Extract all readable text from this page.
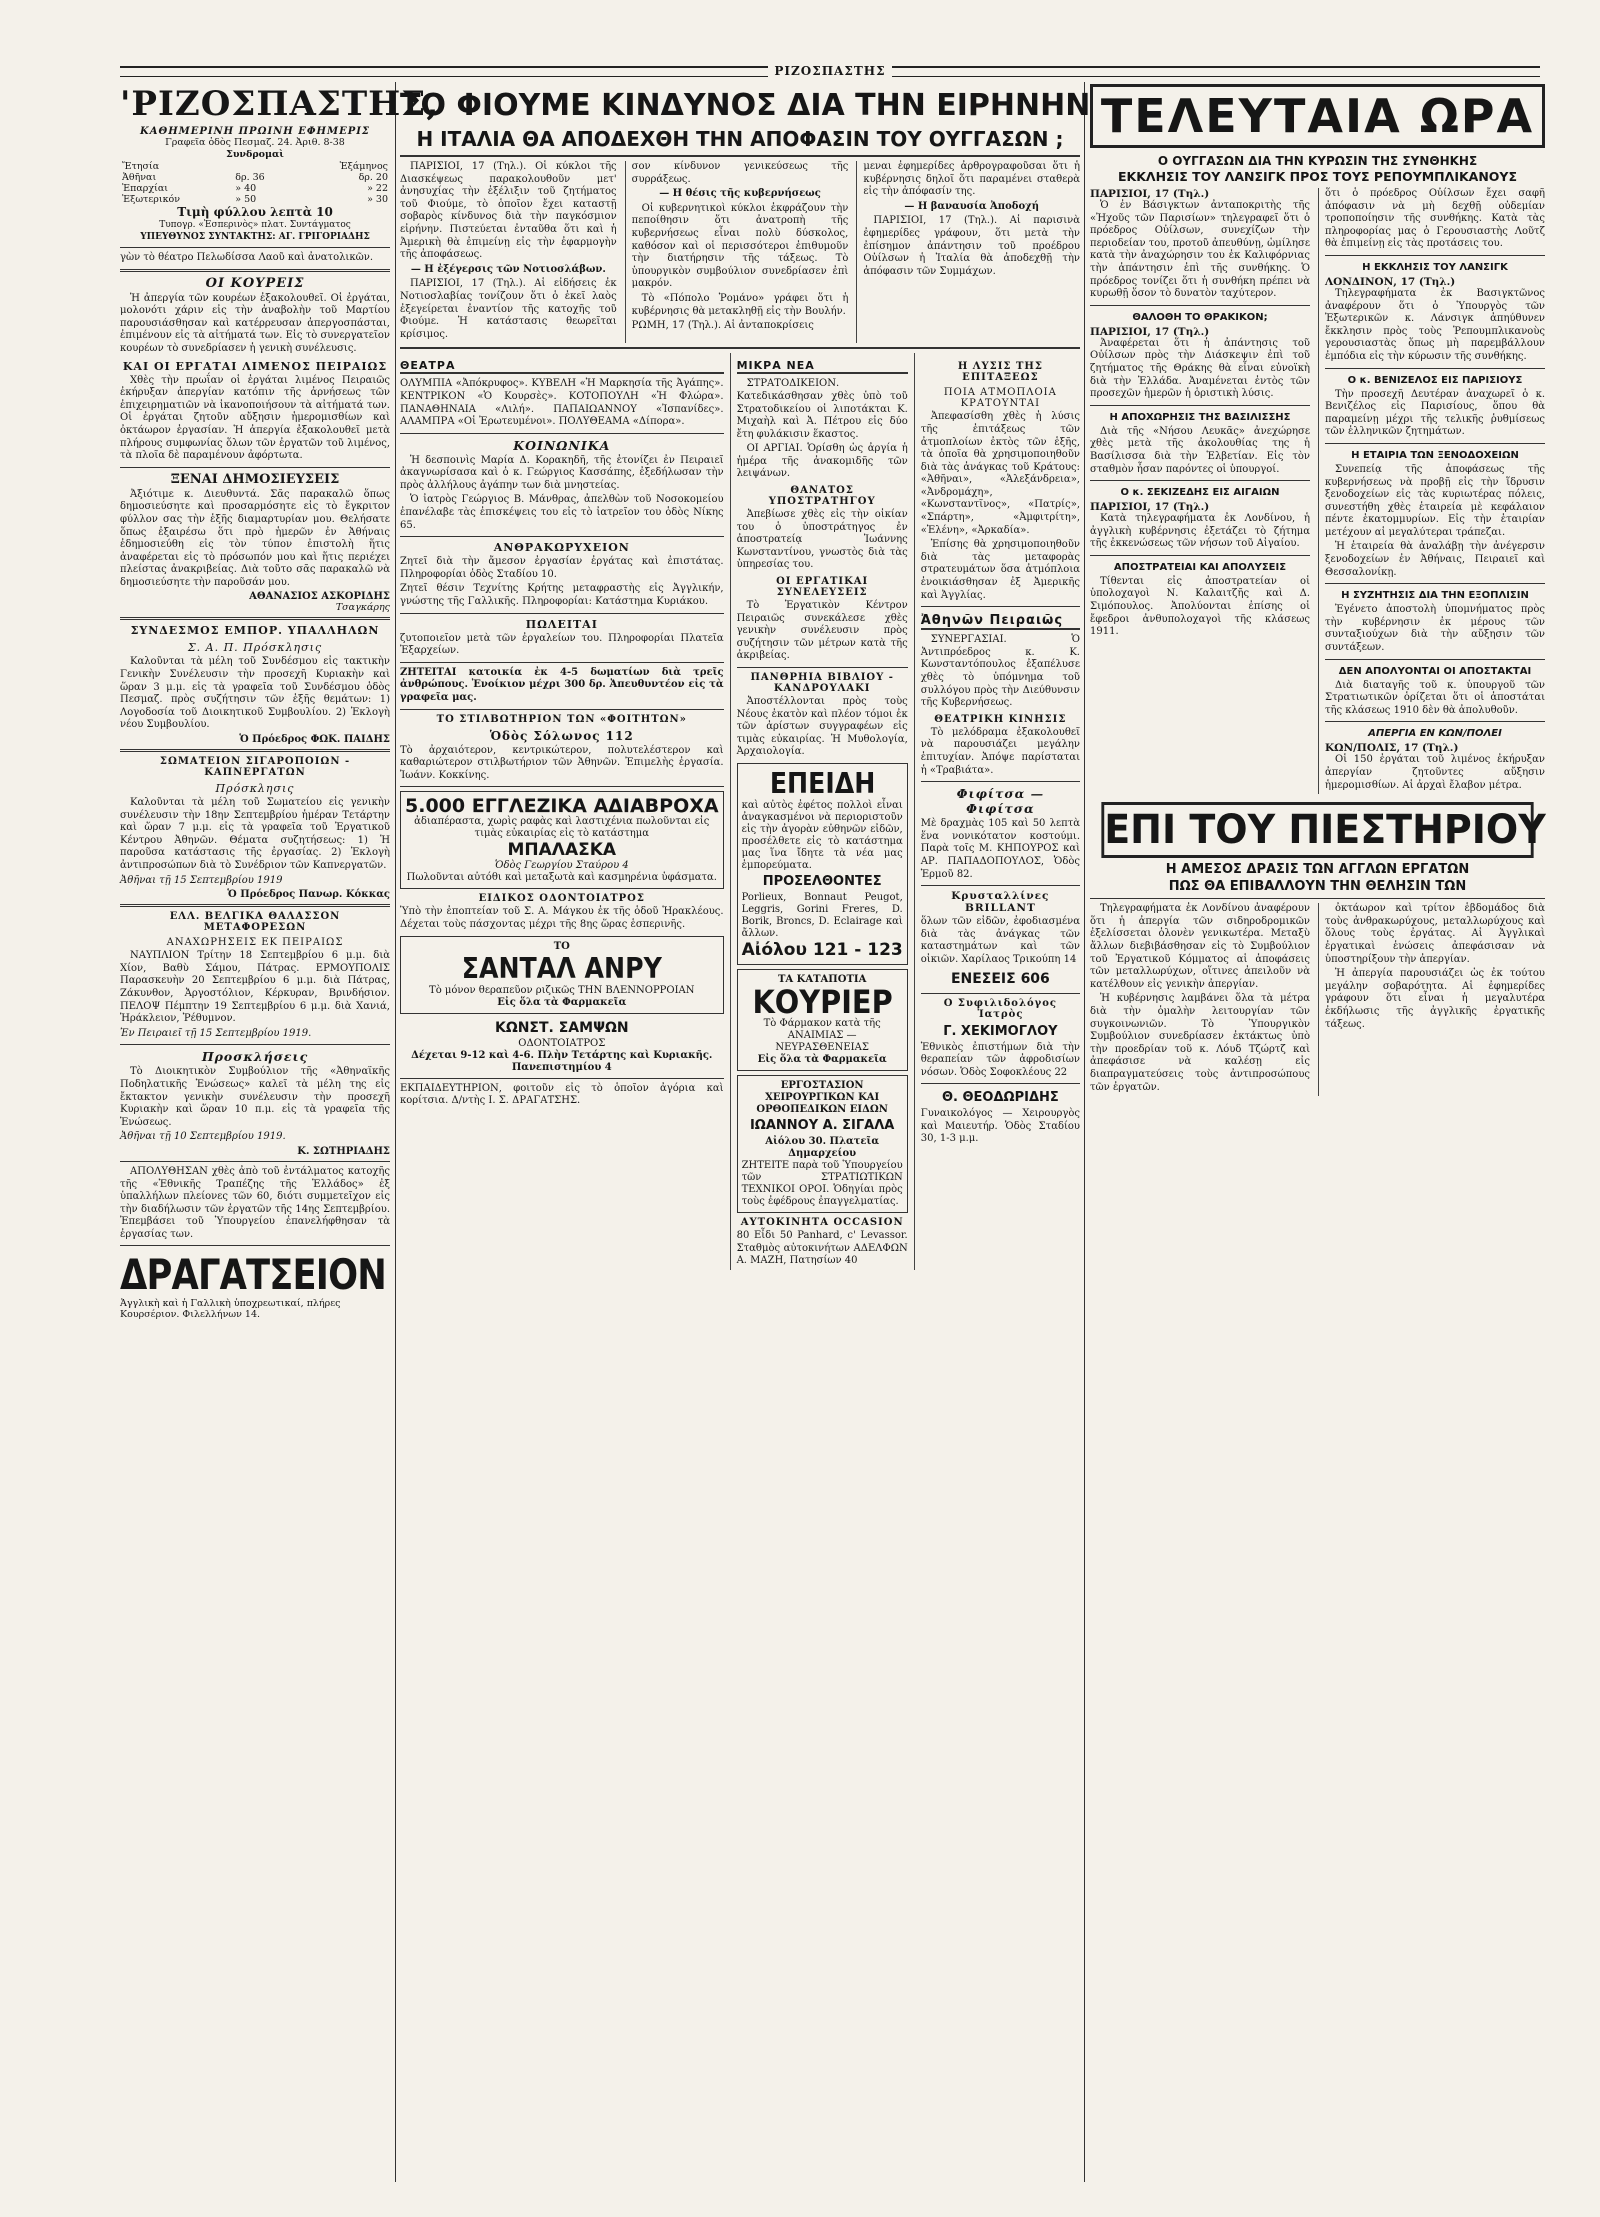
ΡΙΖΟΣΠΑΣΤΗΣ
'ΡΙΖΟΣΠΑΣΤΗΣ,
ΚΑΘΗΜΕΡΙΝΗ ΠΡΩΙΝΗ ΕΦΗΜΕΡΙΣ
Γραφεῖα ὁδὸς Πεσμαζ. 24. Ἀριθ. 8-38
Συνδρομαὶ
Ἔτησία		Ἑξάμηνος
Ἀθῆναι	δρ. 36	δρ. 20
Ἐπαρχίαι	» 40	» 22
Ἐξωτερικόν	» 50	» 30
Τιμὴ φύλλου λεπτὰ 10
Τυπογρ. «Ἑσπερινὸς» πλατ. Συντάγματος
ΥΠΕΥΘΥΝΟΣ ΣΥΝΤΑΚΤΗΣ: ΑΓ. ΓΡΙΓΟΡΙΑΔΗΣ
γὼν τὸ θέατρο Πελωδίσσα Λαοῦ καὶ ἀνατολικῶν.
ΟΙ ΚΟΥΡΕΙΣ
Ἡ ἀπεργία τῶν κουρέων ἐξακολουθεῖ. Οἱ ἐργάται, μολονότι χάριν εἰς τὴν ἀναβολὴν τοῦ Μαρτίου παρουσιάσθησαν καὶ κατέρρευσαν ἀπεργοσπάσται, ἐπιμένουν εἰς τὰ αἰτήματά των. Εἰς τὸ συνεργατεῖον κουρέων τὸ συνεδρίασεν ἡ γενικὴ συνέλευσις.
ΚΑΙ ΟΙ ΕΡΓΑΤΑΙ ΛΙΜΕΝΟΣ ΠΕΙΡΑΙΩΣ
Χθὲς τὴν πρωΐαν οἱ ἐργάται λιμένος Πειραιῶς ἐκήρυξαν ἀπεργίαν κατόπιν τῆς ἀρνήσεως τῶν ἐπιχειρηματιῶν νὰ ἱκανοποιήσουν τὰ αἰτήματά των. Οἱ ἐργάται ζητοῦν αὔξησιν ἡμερομισθίων καὶ ὀκτάωρον ἐργασίαν. Ἡ ἀπεργία ἐξακολουθεῖ μετὰ πλήρους συμφωνίας ὅλων τῶν ἐργατῶν τοῦ λιμένος, τὰ πλοῖα δὲ παραμένουν ἀφόρτωτα.
ΞΕΝΑΙ ΔΗΜΟΣΙΕΥΣΕΙΣ
Ἀξιότιμε κ. Διευθυντά. Σᾶς παρακαλῶ ὅπως δημοσιεύσητε καὶ προσαρμόσητε εἰς τὸ ἔγκριτον φύλλον σας τὴν ἑξῆς διαμαρτυρίαν μου. Θελήσατε ὅπως ἐξαιρέσω ὅτι πρὸ ἡμερῶν ἐν Ἀθήναις ἐδημοσιεύθη εἰς τὸν τύπον ἐπιστολὴ ἥτις ἀναφέρεται εἰς τὸ πρόσωπόν μου καὶ ἥτις περιέχει πλείστας ἀνακριβείας. Διὰ τοῦτο σᾶς παρακαλῶ νὰ δημοσιεύσητε τὴν παροῦσάν μου.
ΑΘΑΝΑΣΙΟΣ ΑΣΚΟΡΙΔΗΣ
Τσαγκάρης
ΣΥΝΔΕΣΜΟΣ ΕΜΠΟΡ. ΥΠΑΛΛΗΛΩΝ
Σ. Α. Π. Πρόσκλησις
Καλοῦνται τὰ μέλη τοῦ Συνδέσμου εἰς τακτικὴν Γενικὴν Συνέλευσιν τὴν προσεχῆ Κυριακὴν καὶ ὥραν 3 μ.μ. εἰς τὰ γραφεῖα τοῦ Συνδέσμου ὁδὸς Πεσμαζ. πρὸς συζήτησιν τῶν ἑξῆς θεμάτων: 1) Λογοδοσία τοῦ Διοικητικοῦ Συμβουλίου. 2) Ἐκλογὴ νέου Συμβουλίου.
Ὁ Πρόεδρος ΦΩΚ. ΠΑΙΔΗΣ
ΣΩΜΑΤΕΙΟΝ ΣΙΓΑΡΟΠΟΙΩΝ - ΚΑΠΝΕΡΓΑΤΩΝ
Πρόσκλησις
Καλοῦνται τὰ μέλη τοῦ Σωματείου εἰς γενικὴν συνέλευσιν τὴν 18ην Σεπτεμβρίου ἡμέραν Τετάρτην καὶ ὥραν 7 μ.μ. εἰς τὰ γραφεῖα τοῦ Ἐργατικοῦ Κέντρου Ἀθηνῶν. Θέματα συζητήσεως: 1) Ἡ παροῦσα κατάστασις τῆς ἐργασίας. 2) Ἐκλογὴ ἀντιπροσώπων διὰ τὸ Συνέδριον τῶν Καπνεργατῶν.
Ἀθῆναι τῇ 15 Σεπτεμβρίου 1919
Ὁ Πρόεδρος Πανωρ. Κόκκας
ΕΛΛ. ΒΕΛΓΙΚΑ ΘΑΛΑΣΣΟΝ ΜΕΤΑΦΟΡΕΣΩΝ
ΑΝΑΧΩΡΗΣΕΙΣ ΕΚ ΠΕΙΡΑΙΩΣ
ΝΑΥΠΛΙΟΝ Τρίτην 18 Σεπτεμβρίου 6 μ.μ. διὰ Χίον, Βαθὺ Σάμου, Πάτρας. ΕΡΜΟΥΠΟΛΙΣ Παρασκευὴν 20 Σεπτεμβρίου 6 μ.μ. διὰ Πάτρας, Ζάκυνθον, Ἀργοστόλιον, Κέρκυραν, Βρινδήσιον. ΠΕΛΟΨ Πέμπτην 19 Σεπτεμβρίου 6 μ.μ. διὰ Χανιά, Ἡράκλειον, Ῥέθυμνον.
Ἐν Πειραιεῖ τῇ 15 Σεπτεμβρίου 1919.
Προσκλήσεις
Τὸ Διοικητικὸν Συμβούλιον τῆς «Ἀθηναϊκῆς Ποδηλατικῆς Ἑνώσεως» καλεῖ τὰ μέλη της εἰς ἔκτακτον γενικὴν συνέλευσιν τὴν προσεχῆ Κυριακὴν καὶ ὥραν 10 π.μ. εἰς τὰ γραφεῖα τῆς Ἑνώσεως.
Ἀθῆναι τῇ 10 Σεπτεμβρίου 1919.
Κ. ΣΩΤΗΡΙΑΔΗΣ
ΑΠΟΛΥΘΗΣΑΝ χθὲς ἀπὸ τοῦ ἐντάλματος κατοχῆς τῆς «Ἐθνικῆς Τραπέζης τῆς Ἑλλάδος» ἐξ ὑπαλλήλων πλείονες τῶν 60, διότι συμμετεῖχον εἰς τὴν διαδήλωσιν τῶν ἐργατῶν τῆς 14ης Σεπτεμβρίου. Ἐπεμβάσει τοῦ Ὑπουργείου ἐπανελήφθησαν τὰ ἐργασίας των.
ΔΡΑΓΑΤΣΕΙΟΝ
Ἀγγλικὴ καὶ ἡ Γαλλικὴ ὑποχρεωτικαί, πλήρες Κουρσέριον. Φιλελλήνων 14.
ΤΟ ΦΙΟΥΜΕ ΚΙΝΔΥΝΟΣ ΔΙΑ ΤΗΝ ΕΙΡΗΝΗΝ
Η ΙΤΑΛΙΑ ΘΑ ΑΠΟΔΕΧΘΗ ΤΗΝ ΑΠΟΦΑΣΙΝ ΤΟΥ ΟΥΓΓΑΣΩΝ ;
ΠΑΡΙΣΙΟΙ, 17 (Τηλ.). Οἱ κύκλοι τῆς Διασκέψεως παρακολουθοῦν μετ' ἀνησυχίας τὴν ἐξέλιξιν τοῦ ζητήματος τοῦ Φιούμε, τὸ ὁποῖον ἔχει καταστῇ σοβαρὸς κίνδυνος διὰ τὴν παγκόσμιον εἰρήνην. Πιστεύεται ἐνταῦθα ὅτι καὶ ἡ Ἀμερικὴ θὰ ἐπιμείνῃ εἰς τὴν ἐφαρμογὴν τῆς ἀποφάσεως.
— Η ἐξέγερσις τῶν Νοτιοσλάβων.
ΠΑΡΙΣΙΟΙ, 17 (Τηλ.). Αἱ εἰδήσεις ἐκ Νοτιοσλαβίας τονίζουν ὅτι ὁ ἐκεῖ λαὸς ἐξεγείρεται ἐναντίον τῆς κατοχῆς τοῦ Φιούμε. Ἡ κατάστασις θεωρεῖται κρίσιμος.
σον κίνδυνον γενικεύσεως τῆς συρράξεως.
— Η θέσις τῆς κυβερνήσεως
Οἱ κυβερνητικοὶ κύκλοι ἐκφράζουν τὴν πεποίθησιν ὅτι ἀνατροπὴ τῆς κυβερνήσεως εἶναι πολὺ δύσκολος, καθόσον καὶ οἱ περισσότεροι ἐπιθυμοῦν τὴν διατήρησιν τῆς τάξεως. Τὸ ὑπουργικὸν συμβούλιον συνεδρίασεν ἐπὶ μακρόν.
Τὸ «Πόπολο Ῥομάνο» γράφει ὅτι ἡ κυβέρνησις θὰ μετακληθῇ εἰς τὴν Βουλήν.
ΡΩΜΗ, 17 (Τηλ.). Αἱ ἀνταποκρίσεις
μεναι ἐφημερίδες ἀρθρογραφοῦσαι ὅτι ἡ κυβέρνησις δηλοῖ ὅτι παραμένει σταθερὰ εἰς τὴν ἀπόφασίν της.
— Η βαναυσία Ἀποδοχή
ΠΑΡΙΣΙΟΙ, 17 (Τηλ.). Αἱ παρισινὰ ἐφημερίδες γράφουν, ὅτι μετὰ τὴν ἐπίσημον ἀπάντησιν τοῦ προέδρου Οὐίλσων ἡ Ἰταλία θὰ ἀποδεχθῇ τὴν ἀπόφασιν τῶν Συμμάχων.
ΘΕΑΤΡΑ
ΟΛΥΜΠΙΑ «Ἀπόκρυφος». ΚΥΒΕΛΗ «Ἡ Μαρκησία τῆς Ἀγάπης». ΚΕΝΤΡΙΚΟΝ «Ὁ Κουρσὲς». ΚΟΤΟΠΟΥΛΗ «Ἡ Φλώρα». ΠΑΝΑΘΗΝΑΙΑ «Λιλή». ΠΑΠΑΙΩΑΝΝΟΥ «Ἰσπανίδες». ΑΛΑΜΠΡΑ «Οἱ Ἐρωτευμένοι». ΠΟΛΥΘΕΑΜΑ «Δίπορα».
ΚΟΙΝΩΝΙΚΑ
Ἡ δεσποινὶς Μαρία Δ. Κορακηδῆ, τῆς ἐτονίζει ἐν Πειραιεῖ ἀκαγνωρίσασα καὶ ὁ κ. Γεώργιος Κασσάπης, ἐξεδήλωσαν τὴν πρὸς ἀλλήλους ἀγάπην των διὰ μνηστείας.
Ὁ ἰατρὸς Γεώργιος Β. Μάνθρας, ἀπελθὼν τοῦ Νοσοκομείου ἐπανέλαβε τὰς ἐπισκέψεις του εἰς τὸ ἰατρεῖον του ὁδὸς Νίκης 65.
ΑΝΘΡΑΚΩΡΥΧΕΙΟΝ
Ζητεῖ διὰ τὴν ἄμεσον ἐργασίαν ἐργάτας καὶ ἐπιστάτας. Πληροφορίαι ὁδὸς Σταδίου 10.
Ζητεῖ θέσιν Τεχνίτης Κρήτης μεταφραστὴς εἰς Ἀγγλικήν, γνώστης τῆς Γαλλικῆς. Πληροφορίαι: Κατάστημα Κυριάκου.
ΠΩΛΕΙΤΑΙ
ζυτοποιεῖον μετὰ τῶν ἐργαλείων του. Πληροφορίαι Πλατεῖα Ἐξαρχείων.
ΖΗΤΕΙΤΑΙ κατοικία ἐκ 4-5 δωματίων διὰ τρεῖς ἀνθρώπους. Ἐνοίκιον μέχρι 300 δρ. Ἀπευθυντέον εἰς τὰ γραφεῖα μας.
ΤΟ ΣΤΙΛΒΩΤΗΡΙΟΝ ΤΩΝ «ΦΟΙΤΗΤΩΝ»
Ὁδὸς Σόλωνος 112
Τὸ ἀρχαιότερον, κεντρικώτερον, πολυτελέστερον καὶ καθαριώτερον στιλβωτήριον τῶν Ἀθηνῶν. Ἐπιμελὴς ἐργασία. Ἰωάνν. Κοκκίνης.
5.000 ΕΓΓΛΕΖΙΚΑ ΑΔΙΑΒΡΟΧΑ
ἀδιαπέραστα, χωρὶς ραφὰς καὶ λαστιχένια πωλοῦνται εἰς τιμὰς εὐκαιρίας εἰς τὸ κατάστημα
ΜΠΑΛΑΣΚΑ
Ὁδὸς Γεωργίου Σταύρου 4
Πωλοῦνται αὐτόθι καὶ μεταξωτὰ καὶ κασμηρένια ὑφάσματα.
ΕΙΔΙΚΟΣ ΟΔΟΝΤΟΙΑΤΡΟΣ
Ὑπὸ τὴν ἐποπτείαν τοῦ Σ. Α. Μάγκου ἐκ τῆς ὁδοῦ Ἡρακλέους. Δέχεται τοὺς πάσχοντας μέχρι τῆς 8ης ὥρας ἑσπερινῆς.
ΤΟ
ΣΑΝΤΑΛ ΑΝΡΥ
Τὸ μόνον θεραπεῦον ριζικῶς ΤΗΝ ΒΛΕΝΝΟΡΡΟΙΑΝ
Εἰς ὅλα τὰ Φαρμακεῖα
ΚΩΝΣΤ. ΣΑΜΨΩΝ
ΟΔΟΝΤΟΙΑΤΡΟΣ
Δέχεται 9-12 καὶ 4-6. Πλὴν Τετάρτης καὶ Κυριακῆς. Πανεπιστημίου 4
ΕΚΠΑΙΔΕΥΤΗΡΙΟΝ, φοιτοῦν εἰς τὸ ὁποῖον ἀγόρια καὶ κορίτσια. Δ/ντὴς Ι. Σ. ΔΡΑΓΑΤΣΗΣ.
ΜΙΚΡΑ ΝΕΑ
ΣΤΡΑΤΟΔΙΚΕΙΟΝ. Κατεδικάσθησαν χθὲς ὑπὸ τοῦ Στρατοδικείου οἱ λιποτάκται Κ. Μιχαὴλ καὶ Ἀ. Πέτρου εἰς δύο ἔτη φυλάκισιν ἕκαστος.
ΟΙ ΑΡΓΙΑΙ. Ὁρίσθη ὡς ἀργία ἡ ἡμέρα τῆς ἀνακομιδῆς τῶν λειψάνων.
ΘΑΝΑΤΟΣ ΥΠΟΣΤΡΑΤΗΓΟΥ
Ἀπεβίωσε χθὲς εἰς τὴν οἰκίαν του ὁ ὑποστράτηγος ἐν ἀποστρατείᾳ Ἰωάννης Κωνσταντίνου, γνωστὸς διὰ τὰς ὑπηρεσίας του.
ΟΙ ΕΡΓΑΤΙΚΑΙ ΣΥΝΕΛΕΥΣΕΙΣ
Τὸ Ἐργατικὸν Κέντρον Πειραιῶς συνεκάλεσε χθὲς γενικὴν συνέλευσιν πρὸς συζήτησιν τῶν μέτρων κατὰ τῆς ἀκριβείας.
ΠΑΝΘΡΗΙΑ ΒΙΒΛΙΟΥ - ΚΑΝΔΡΟΥΛΑΚΙ
Ἀποστέλλονται πρὸς τοὺς Νέους ἐκατὸν καὶ πλέον τόμοι ἐκ τῶν ἀρίστων συγγραφέων εἰς τιμὰς εὐκαιρίας. Ἡ Μυθολογία, Ἀρχαιολογία.
ΕΠΕΙΔΗ
καὶ αὐτὸς ἐφέτος πολλοὶ εἶναι ἀναγκασμένοι νὰ περιοριστοῦν εἰς τὴν ἀγορὰν εὐθηνῶν εἰδῶν, προσέλθετε εἰς τὸ κατάστημα μας ἵνα ἴδητε τὰ νέα μας ἐμπορεύματα.
ΠΡΟΣΕΛΘΟΝΤΕΣ
Porlieux, Bonnaut Peugot, Leggris, Gorini Freres, D. Borik, Broncs, D. Eclairage καὶ ἄλλων.
Αἰόλου 121 - 123
ΤΑ ΚΑΤΑΠΟΤΙΑ
ΚΟΥΡΙΕΡ
Τὸ Φάρμακον κατὰ τῆς ΑΝΑΙΜΙΑΣ — ΝΕΥΡΑΣΘΕΝΕΙΑΣ
Εἰς ὅλα τὰ Φαρμακεῖα
ΕΡΓΟΣΤΑΣΙΟΝ ΧΕΙΡΟΥΡΓΙΚΩΝ ΚΑΙ ΟΡΘΟΠΕΔΙΚΩΝ ΕΙΔΩΝ
ΙΩΑΝΝΟΥ Α. ΣΙΓΑΛΑ
Αἰόλου 30. Πλατεῖα Δημαρχείου
ΖΗΤΕΙΤΕ παρὰ τοῦ Ὑπουργείου τῶν ΣΤΡΑΤΙΩΤΙΚΩΝ ΤΕΧΝΙΚΟΙ ΟΡΟΙ. Ὁδηγίαι πρὸς τοὺς ἐφέδρους ἐπαγγελματίας.
ΑΥΤΟΚΙΝΗΤΑ OCCASION
80 Εἶδι 50 Panhard, c' Levassor. Σταθμὸς αὐτοκινήτων ΑΔΕΛΦΩΝ Α. ΜΑΖΗ, Πατησίων 40
Η ΛΥΣΙΣ ΤΗΣ ΕΠΙΤΑΞΕΩΣ
ΠΟΙΑ ΑΤΜΟΠΛΟΙΑ ΚΡΑΤΟΥΝΤΑΙ
Ἀπεφασίσθη χθὲς ἡ λύσις τῆς ἐπιτάξεως τῶν ἀτμοπλοίων ἐκτὸς τῶν ἑξῆς, τὰ ὁποῖα θὰ χρησιμοποιηθοῦν διὰ τὰς ἀνάγκας τοῦ Κράτους: «Ἀθῆναι», «Ἀλεξάνδρεια», «Ἀνδρομάχη», «Κωνσταντῖνος», «Πατρίς», «Σπάρτη», «Ἀμφιτρίτη», «Ἑλένη», «Ἀρκαδία».
Ἐπίσης θὰ χρησιμοποιηθοῦν διὰ τὰς μεταφορὰς στρατευμάτων ὅσα ἀτμόπλοια ἐνοικιάσθησαν ἐξ Ἀμερικῆς καὶ Ἀγγλίας.
Ἀθηνῶν Πειραιῶς
ΣΥΝΕΡΓΑΣΙΑΙ. Ὁ Ἀντιπρόεδρος κ. Κ. Κωνσταντόπουλος ἐξαπέλυσε χθὲς τὸ ὑπόμνημα τοῦ συλλόγου πρὸς τὴν Διεύθυνσιν τῆς Κυβερνήσεως.
ΘΕΑΤΡΙΚΗ ΚΙΝΗΣΙΣ
Τὸ μελόδραμα ἐξακολουθεῖ νὰ παρουσιάζει μεγάλην ἐπιτυχίαν. Ἀπόψε παρίσταται ἡ «Τραβιάτα».
Φιφίτσα — Φιφίτσα
Μὲ δραχμὰς 105 καὶ 50 λεπτὰ ἕνα νονικότατον κοστούμι. Παρὰ τοῖς Μ. ΚΗΠΟΥΡΟΣ καὶ ΑΡ. ΠΑΠΑΔΟΠΟΥΛΟΣ, Ὁδὸς Ἑρμοῦ 82.
Κρυσταλλίνες BRILLANT
ὅλων τῶν εἰδῶν, ἐφοδιασμένα διὰ τὰς ἀνάγκας τῶν καταστημάτων καὶ τῶν οἰκιῶν. Χαρίλαος Τρικούπη 14
ΕΝΕΣΕΙΣ 606
Ο Συφιλιδολόγος Ἰατρὸς
Γ. ΧΕΚΙΜΟΓΛΟΥ
Ἐθνικὸς ἐπιστήμων διὰ τὴν θεραπείαν τῶν ἀφροδισίων νόσων. Ὁδὸς Σοφοκλέους 22
Θ. ΘΕΟΔΩΡΙΔΗΣ
Γυναικολόγος — Χειρουργὸς καὶ Μαιευτήρ. Ὁδὸς Σταδίου 30, 1-3 μ.μ.
ΤΕΛΕΥΤΑΙΑ ΩΡΑ
Ο ΟΥΓΓΑΣΩΝ ΔΙΑ ΤΗΝ ΚΥΡΩΣΙΝ ΤΗΣ ΣΥΝΘΗΚΗΣ
ΕΚΚΛΗΣΙΣ ΤΟΥ ΛΑΝΣΙΓΚ ΠΡΟΣ ΤΟΥΣ ΡΕΠΟΥΜΠΛΙΚΑΝΟΥΣ
ΠΑΡΙΣΙΟΙ, 17 (Τηλ.)
Ὁ ἐν Βάσιγκτων ἀνταποκριτὴς τῆς «Ἠχοῦς τῶν Παρισίων» τηλεγραφεῖ ὅτι ὁ πρόεδρος Οὐίλσων, συνεχίζων τὴν περιοδείαν του, προτοῦ ἀπευθύνῃ, ὡμίλησε κατὰ τὴν ἀναχώρησιν του ἐκ Καλιφόρνιας τὴν ἀπάντησιν ἐπὶ τῆς συνθήκης. Ὁ πρόεδρος τονίζει ὅτι ἡ συνθήκη πρέπει νὰ κυρωθῇ ὅσον τὸ δυνατὸν ταχύτερον.
ΘΑΛΟΘΗ ΤΟ ΘΡΑΚΙΚΟΝ;
ΠΑΡΙΣΙΟΙ, 17 (Τηλ.)
Ἀναφέρεται ὅτι ἡ ἀπάντησις τοῦ Οὐίλσων πρὸς τὴν Διάσκεψιν ἐπὶ τοῦ ζητήματος τῆς Θράκης θὰ εἶναι εὐνοϊκὴ διὰ τὴν Ἑλλάδα. Ἀναμένεται ἐντὸς τῶν προσεχῶν ἡμερῶν ἡ ὁριστικὴ λύσις.
Η ΑΠΟΧΩΡΗΣΙΣ ΤΗΣ ΒΑΣΙΛΙΣΣΗΣ
Διὰ τῆς «Νήσου Λευκᾶς» ἀνεχώρησε χθὲς μετὰ τῆς ἀκολουθίας της ἡ Βασίλισσα διὰ τὴν Ἑλβετίαν. Εἰς τὸν σταθμὸν ἦσαν παρόντες οἱ ὑπουργοί.
Ο κ. ΣΕΚΙΖΕΔΗΣ ΕΙΣ ΑΙΓΑΙΩΝ
ΠΑΡΙΣΙΟΙ, 17 (Τηλ.)
Κατὰ τηλεγραφήματα ἐκ Λονδίνου, ἡ ἀγγλικὴ κυβέρνησις ἐξετάζει τὸ ζήτημα τῆς ἐκκενώσεως τῶν νήσων τοῦ Αἰγαίου.
ΑΠΟΣΤΡΑΤΕΙΑΙ ΚΑΙ ΑΠΟΛΥΣΕΙΣ
Τίθενται εἰς ἀποστρατείαν οἱ ὑπολοχαγοὶ Ν. Καλαιτζῆς καὶ Δ. Σιμόπουλος. Ἀπολύονται ἐπίσης οἱ ἔφεδροι ἀνθυπολοχαγοὶ τῆς κλάσεως 1911.
ὅτι ὁ πρόεδρος Οὐίλσων ἔχει σαφῆ ἀπόφασιν νὰ μὴ δεχθῇ οὐδεμίαν τροποποίησιν τῆς συνθήκης. Κατὰ τὰς πληροφορίας μας ὁ Γερουσιαστὴς Λοῦτζ θὰ ἐπιμείνῃ εἰς τὰς προτάσεις του.
Η ΕΚΚΛΗΣΙΣ ΤΟΥ ΛΑΝΣΙΓΚ
ΛΟΝΔΙΝΟΝ, 17 (Τηλ.)
Τηλεγραφήματα ἐκ Βασιγκτῶνος ἀναφέρουν ὅτι ὁ Ὑπουργὸς τῶν Ἐξωτερικῶν κ. Λάνσιγκ ἀπηύθυνεν ἔκκλησιν πρὸς τοὺς Ῥεπουμπλικανοὺς γερουσιαστὰς ὅπως μὴ παρεμβάλλουν ἐμπόδια εἰς τὴν κύρωσιν τῆς συνθήκης.
Ο κ. ΒΕΝΙΖΕΛΟΣ ΕΙΣ ΠΑΡΙΣΙΟΥΣ
Τὴν προσεχῆ Δευτέραν ἀναχωρεῖ ὁ κ. Βενιζέλος εἰς Παρισίους, ὅπου θὰ παραμείνῃ μέχρι τῆς τελικῆς ῥυθμίσεως τῶν ἑλληνικῶν ζητημάτων.
Η ΕΤΑΙΡΙΑ ΤΩΝ ΞΕΝΟΔΟΧΕΙΩΝ
Συνεπείᾳ τῆς ἀποφάσεως τῆς κυβερνήσεως νὰ προβῇ εἰς τὴν ἵδρυσιν ξενοδοχείων εἰς τὰς κυριωτέρας πόλεις, συνεστήθη χθὲς ἑταιρεία μὲ κεφάλαιον πέντε ἑκατομμυρίων. Εἰς τὴν ἑταιρίαν μετέχουν αἱ μεγαλύτεραι τράπεζαι.
Ἡ ἑταιρεία θὰ ἀναλάβῃ τὴν ἀνέγερσιν ξενοδοχείων ἐν Ἀθήναις, Πειραιεῖ καὶ Θεσσαλονίκῃ.
Η ΣΥΖΗΤΗΣΙΣ ΔΙΑ ΤΗΝ ΕΞΟΠΛΙΣΙΝ
Ἐγένετο ἀποστολὴ ὑπομνήματος πρὸς τὴν κυβέρνησιν ἐκ μέρους τῶν συνταξιούχων διὰ τὴν αὔξησιν τῶν συντάξεων.
ΔΕΝ ΑΠΟΛΥΟΝΤΑΙ ΟΙ ΑΠΟΣΤΑΚΤΑΙ
Διὰ διαταγῆς τοῦ κ. ὑπουργοῦ τῶν Στρατιωτικῶν ὁρίζεται ὅτι οἱ ἀποστάται τῆς κλάσεως 1910 δὲν θὰ ἀπολυθοῦν.
ΑΠΕΡΓΙΑ ΕΝ ΚΩΝ/ΠΟΛΕΙ
ΚΩΝ/ΠΟΛΙΣ, 17 (Τηλ.)
Οἱ 150 ἐργάται τοῦ λιμένος ἐκήρυξαν ἀπεργίαν ζητοῦντες αὔξησιν ἡμερομισθίων. Αἱ ἀρχαὶ ἔλαβον μέτρα.
ΕΠΙ ΤΟΥ ΠΙΕΣΤΗΡΙΟΥ
Η ΑΜΕΣΟΣ ΔΡΑΣΙΣ ΤΩΝ ΑΓΓΛΩΝ ΕΡΓΑΤΩΝ
ΠΩΣ ΘΑ ΕΠΙΒΑΛΛΟΥΝ ΤΗΝ ΘΕΛΗΣΙΝ ΤΩΝ
Τηλεγραφήματα ἐκ Λονδίνου ἀναφέρουν ὅτι ἡ ἀπεργία τῶν σιδηροδρομικῶν ἐξελίσσεται ὁλονὲν γενικωτέρα. Μεταξὺ ἄλλων διεβιβάσθησαν εἰς τὸ Συμβούλιον τοῦ Ἐργατικοῦ Κόμματος αἱ ἀποφάσεις τῶν μεταλλωρύχων, οἵτινες ἀπειλοῦν νὰ κατέλθουν εἰς γενικὴν ἀπεργίαν.
Ἡ κυβέρνησις λαμβάνει ὅλα τὰ μέτρα διὰ τὴν ὁμαλὴν λειτουργίαν τῶν συγκοινωνιῶν. Τὸ Ὑπουργικὸν Συμβούλιον συνεδρίασεν ἐκτάκτως ὑπὸ τὴν προεδρίαν τοῦ κ. Λόυδ Τζώρτζ καὶ ἀπεφάσισε νὰ καλέσῃ εἰς διαπραγματεύσεις τοὺς ἀντιπροσώπους τῶν ἐργατῶν.
ὀκτάωρον καὶ τρίτον ἑβδομάδος διὰ τοὺς ἀνθρακωρύχους, μεταλλωρύχους καὶ ὅλους τοὺς ἐργάτας. Αἱ Ἀγγλικαὶ ἐργατικαὶ ἑνώσεις ἀπεφάσισαν νὰ ὑποστηρίξουν τὴν ἀπεργίαν.
Ἡ ἀπεργία παρουσιάζει ὡς ἐκ τούτου μεγάλην σοβαρότητα. Αἱ ἐφημερίδες γράφουν ὅτι εἶναι ἡ μεγαλυτέρα ἐκδήλωσις τῆς ἀγγλικῆς ἐργατικῆς τάξεως.
